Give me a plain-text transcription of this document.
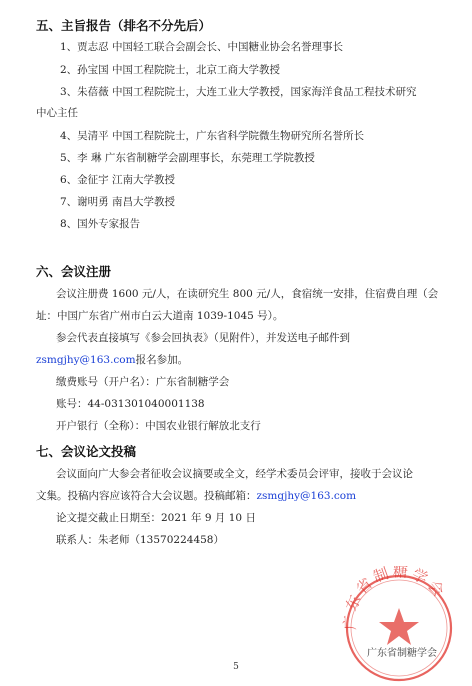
五、主旨报告（排名不分先后）
1、贾志忍 中国轻工联合会副会长、中国糖业协会名誉理事长
2、孙宝国 中国工程院院士，北京工商大学教授
3、朱蓓薇 中国工程院院士，大连工业大学教授，国家海洋食品工程技术研究
中心主任
4、吴清平 中国工程院院士，广东省科学院微生物研究所名誉所长
5、李 琳 广东省制糖学会副理事长，东莞理工学院教授
6、金征宇 江南大学教授
7、谢明勇 南昌大学教授
8、国外专家报告
六、会议注册
会议注册费 1600 元/人，在读研究生 800 元/人，食宿统一安排，住宿费自理（会
址：中国广东省广州市白云大道南 1039-1045 号）。
参会代表直接填写《参会回执表》（见附件），并发送电子邮件到
zsmgjhy@163.com报名参加。
缴费账号（开户名）：广东省制糖学会
账号：44-031301040001138
开户银行（全称）：中国农业银行解放北支行
七、会议论文投稿
会议面向广大参会者征收会议摘要或全文，经学术委员会评审，接收于会议论
文集。投稿内容应该符合大会议题。投稿邮箱：zsmgjhy@163.com
论文提交截止日期至：2021 年 9 月 10 日
联系人：朱老师（13570224458）
广东省制糖学会
广东省制糖学会
5
